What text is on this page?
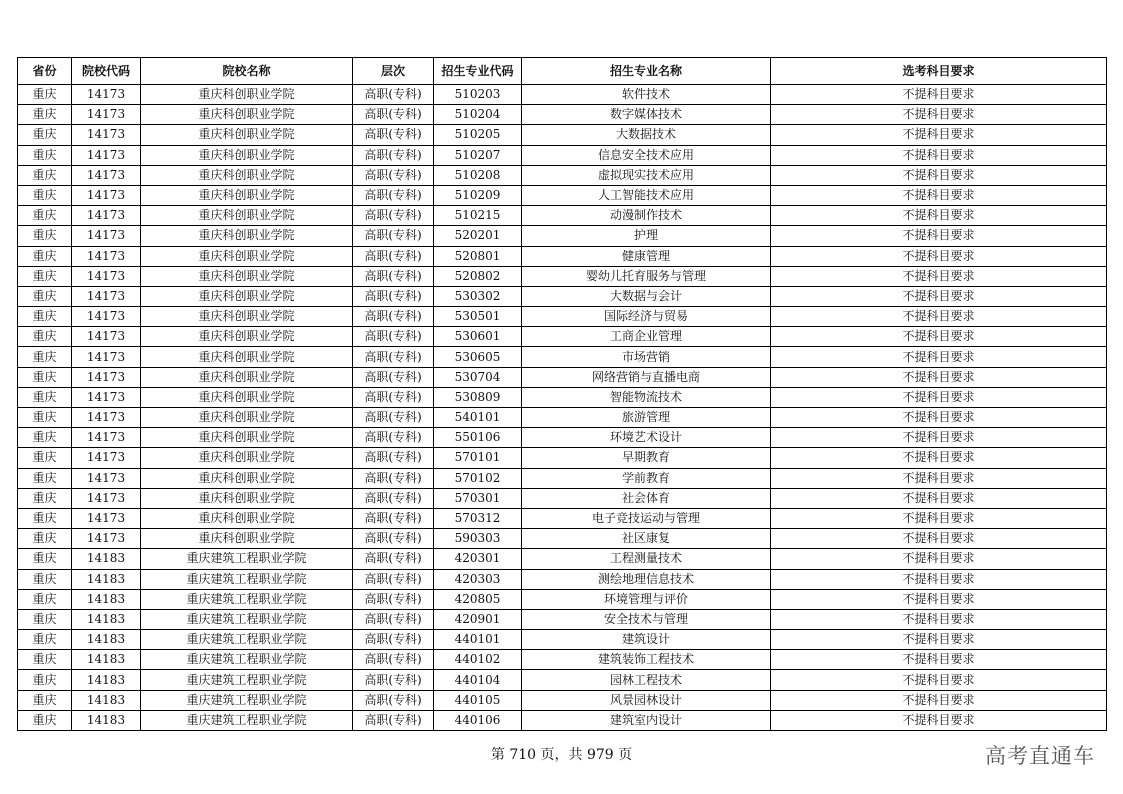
省份	院校代码	院校名称	层次	招生专业代码	招生专业名称	选考科目要求
重庆	14173	重庆科创职业学院	高职(专科)	510203	软件技术	不提科目要求
重庆	14173	重庆科创职业学院	高职(专科)	510204	数字媒体技术	不提科目要求
重庆	14173	重庆科创职业学院	高职(专科)	510205	大数据技术	不提科目要求
重庆	14173	重庆科创职业学院	高职(专科)	510207	信息安全技术应用	不提科目要求
重庆	14173	重庆科创职业学院	高职(专科)	510208	虚拟现实技术应用	不提科目要求
重庆	14173	重庆科创职业学院	高职(专科)	510209	人工智能技术应用	不提科目要求
重庆	14173	重庆科创职业学院	高职(专科)	510215	动漫制作技术	不提科目要求
重庆	14173	重庆科创职业学院	高职(专科)	520201	护理	不提科目要求
重庆	14173	重庆科创职业学院	高职(专科)	520801	健康管理	不提科目要求
重庆	14173	重庆科创职业学院	高职(专科)	520802	婴幼儿托育服务与管理	不提科目要求
重庆	14173	重庆科创职业学院	高职(专科)	530302	大数据与会计	不提科目要求
重庆	14173	重庆科创职业学院	高职(专科)	530501	国际经济与贸易	不提科目要求
重庆	14173	重庆科创职业学院	高职(专科)	530601	工商企业管理	不提科目要求
重庆	14173	重庆科创职业学院	高职(专科)	530605	市场营销	不提科目要求
重庆	14173	重庆科创职业学院	高职(专科)	530704	网络营销与直播电商	不提科目要求
重庆	14173	重庆科创职业学院	高职(专科)	530809	智能物流技术	不提科目要求
重庆	14173	重庆科创职业学院	高职(专科)	540101	旅游管理	不提科目要求
重庆	14173	重庆科创职业学院	高职(专科)	550106	环境艺术设计	不提科目要求
重庆	14173	重庆科创职业学院	高职(专科)	570101	早期教育	不提科目要求
重庆	14173	重庆科创职业学院	高职(专科)	570102	学前教育	不提科目要求
重庆	14173	重庆科创职业学院	高职(专科)	570301	社会体育	不提科目要求
重庆	14173	重庆科创职业学院	高职(专科)	570312	电子竞技运动与管理	不提科目要求
重庆	14173	重庆科创职业学院	高职(专科)	590303	社区康复	不提科目要求
重庆	14183	重庆建筑工程职业学院	高职(专科)	420301	工程测量技术	不提科目要求
重庆	14183	重庆建筑工程职业学院	高职(专科)	420303	测绘地理信息技术	不提科目要求
重庆	14183	重庆建筑工程职业学院	高职(专科)	420805	环境管理与评价	不提科目要求
重庆	14183	重庆建筑工程职业学院	高职(专科)	420901	安全技术与管理	不提科目要求
重庆	14183	重庆建筑工程职业学院	高职(专科)	440101	建筑设计	不提科目要求
重庆	14183	重庆建筑工程职业学院	高职(专科)	440102	建筑装饰工程技术	不提科目要求
重庆	14183	重庆建筑工程职业学院	高职(专科)	440104	园林工程技术	不提科目要求
重庆	14183	重庆建筑工程职业学院	高职(专科)	440105	风景园林设计	不提科目要求
重庆	14183	重庆建筑工程职业学院	高职(专科)	440106	建筑室内设计	不提科目要求
第 710 页，共 979 页	高考直通车
